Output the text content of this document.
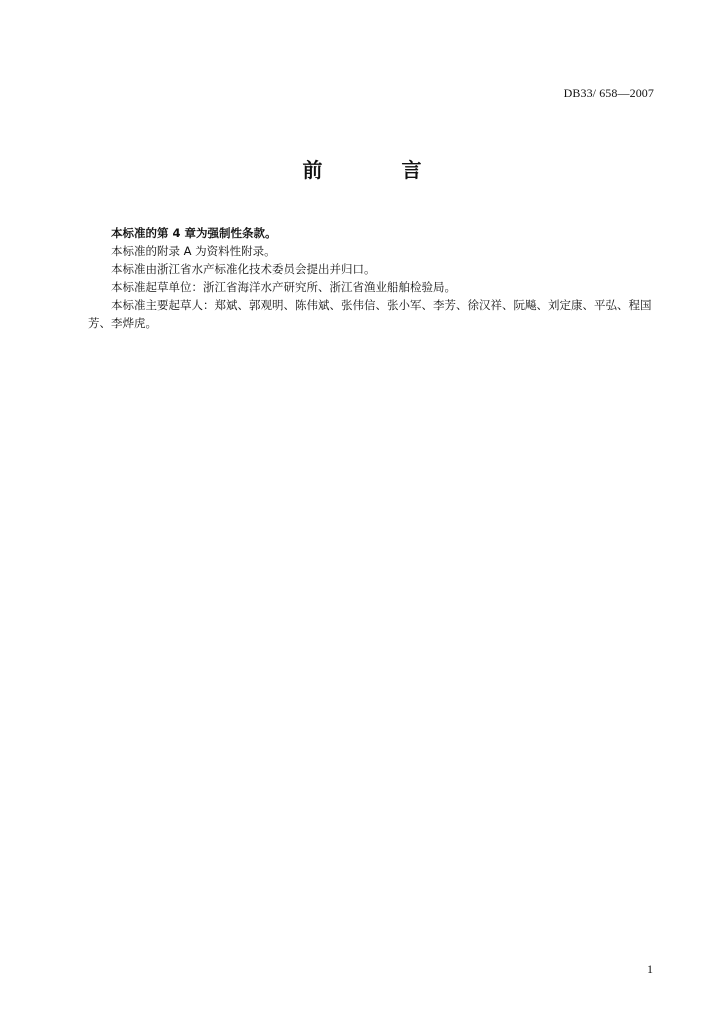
DB33/ 658—2007
前 言

本标准的第 4 章为强制性条款。

本标准的附录 A 为资料性附录。

本标准由浙江省水产标准化技术委员会提出并归口。

本标准起草单位：浙江省海洋水产研究所、浙江省渔业船舶检验局。

本标准主要起草人：郑斌、郭观明、陈伟斌、张伟信、张小军、李芳、徐汉祥、阮飚、刘定康、平弘、程国芳、李烨虎。

1
